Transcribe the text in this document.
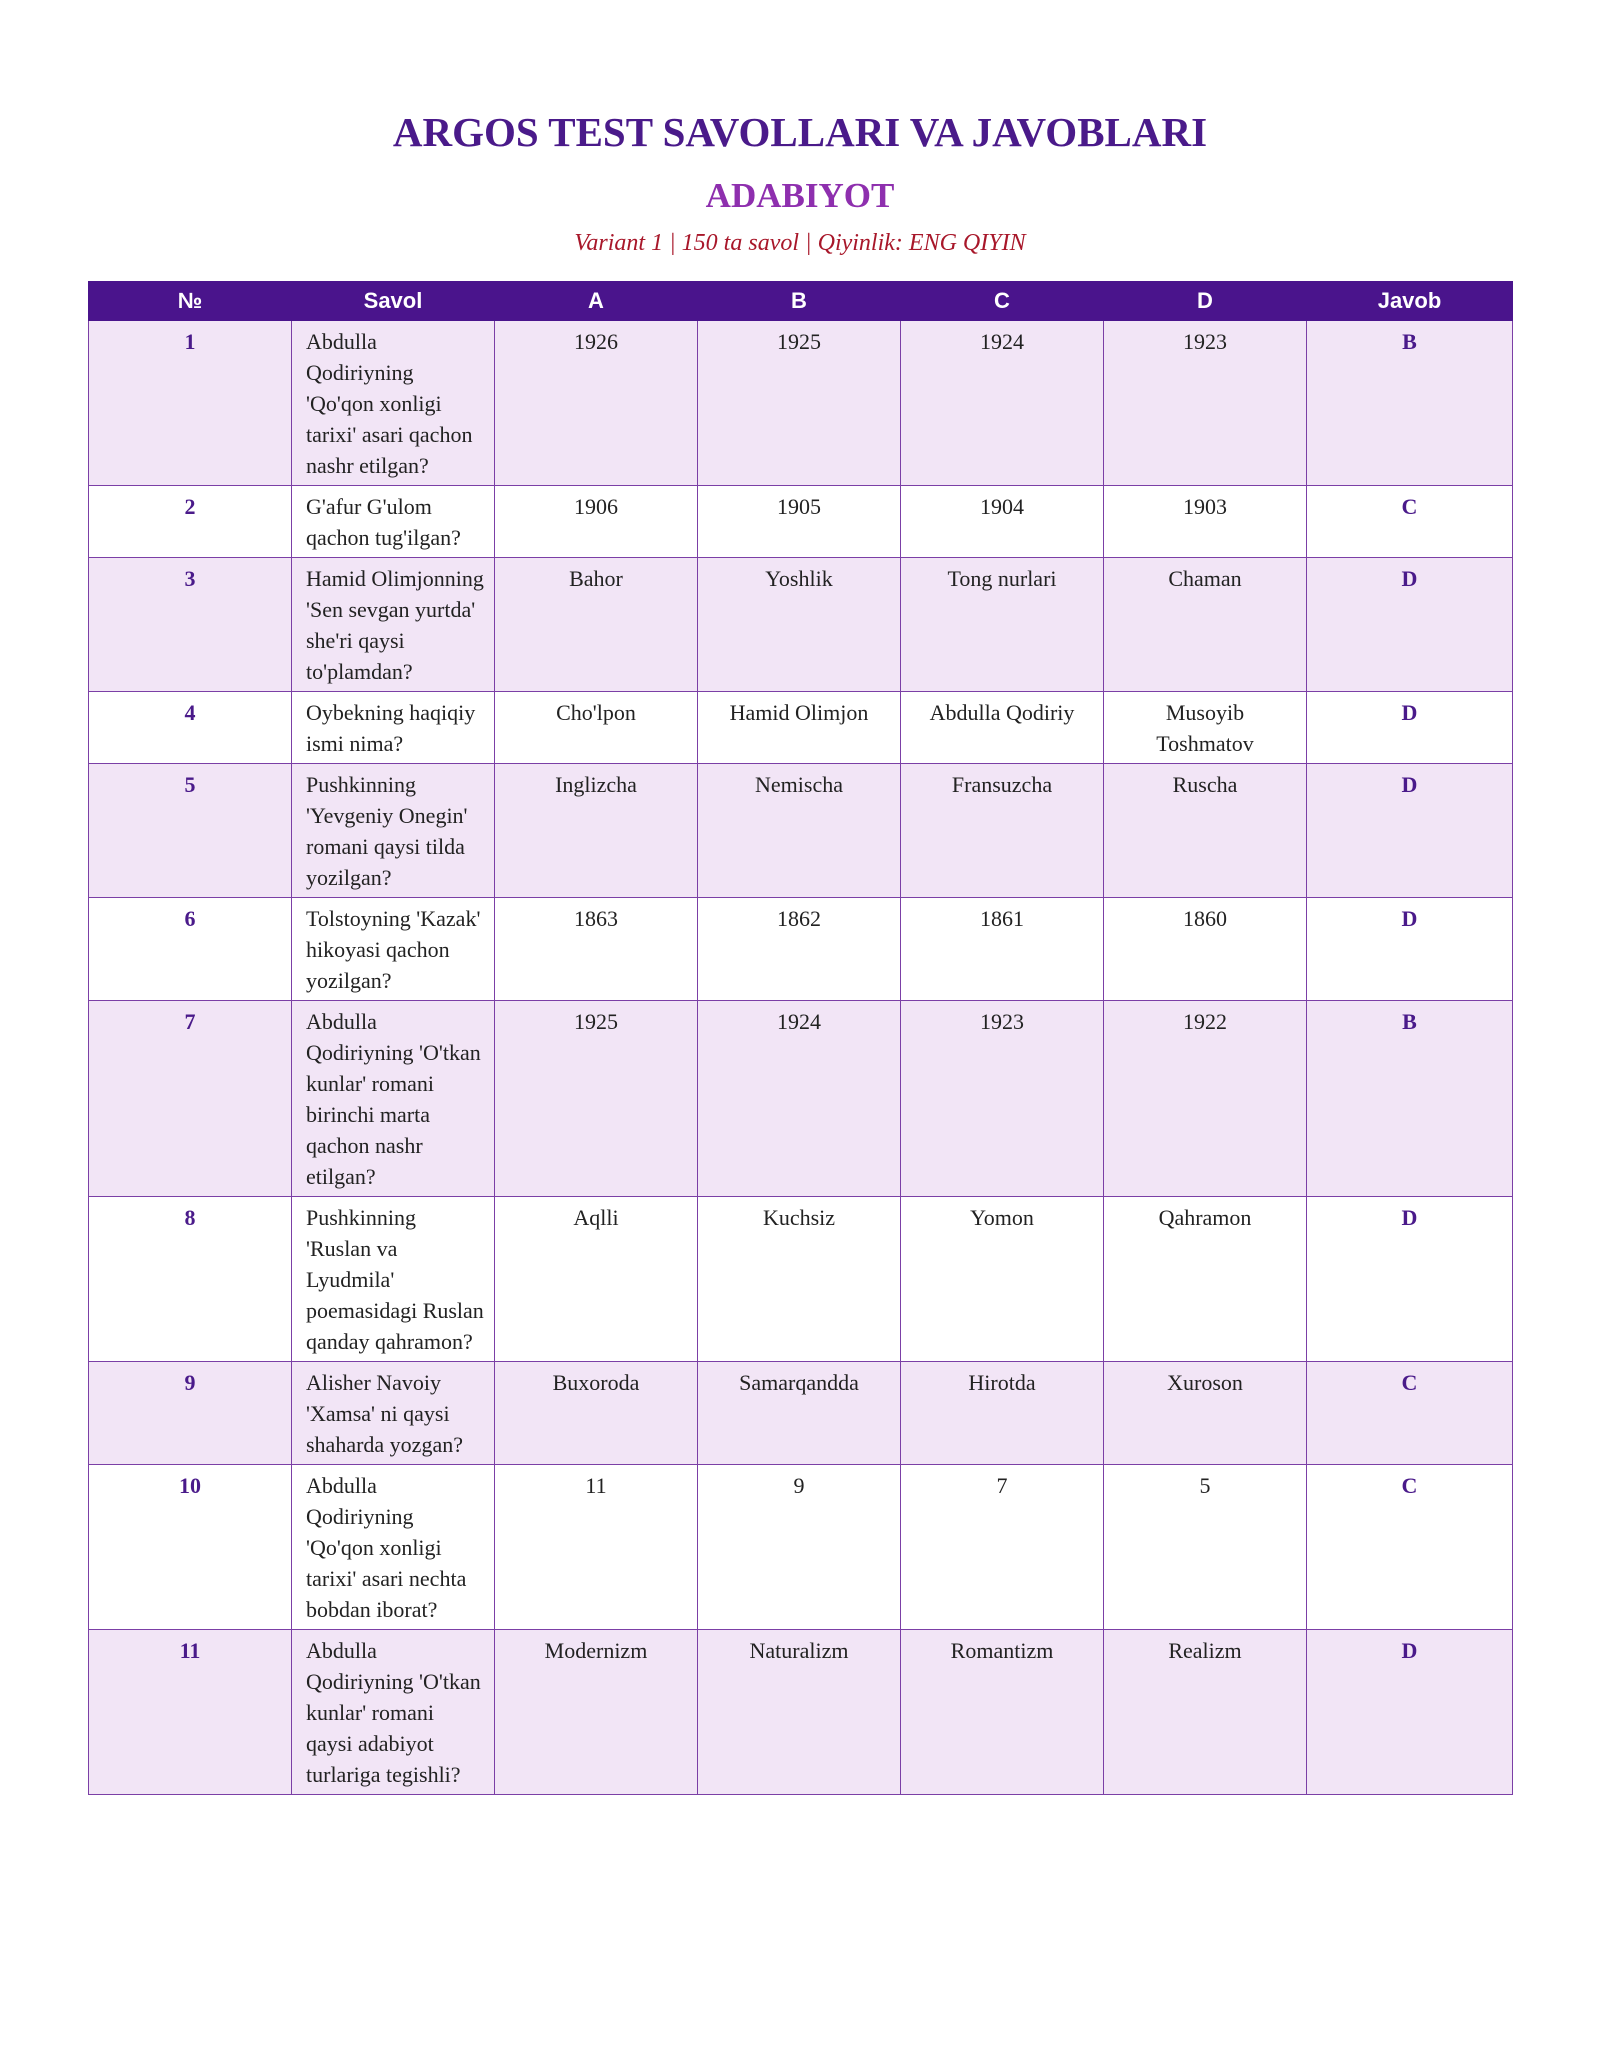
ARGOS TEST SAVOLLARI VA JAVOBLARI
ADABIYOT

Variant 1 | 150 ta savol | Qiyinlik: ENG QIYIN

№	Savol	A	B	C	D	Javob
1	Abdulla Qodiriyning 'Qo'qon xonligi tarixi' asari qachon nashr etilgan?	1926	1925	1924	1923	B
2	G'afur G'ulom qachon tug'ilgan?	1906	1905	1904	1903	C
3	Hamid Olimjonning 'Sen sevgan yurtda' she'ri qaysi to'plamdan?	Bahor	Yoshlik	Tong nurlari	Chaman	D
4	Oybekning haqiqiy ismi nima?	Cho'lpon	Hamid Olimjon	Abdulla Qodiriy	Musoyib Toshmatov	D
5	Pushkinning 'Yevgeniy Onegin' romani qaysi tilda yozilgan?	Inglizcha	Nemischa	Fransuzcha	Ruscha	D
6	Tolstoyning 'Kazak' hikoyasi qachon yozilgan?	1863	1862	1861	1860	D
7	Abdulla Qodiriyning 'O'tkan kunlar' romani birinchi marta qachon nashr etilgan?	1925	1924	1923	1922	B
8	Pushkinning 'Ruslan va Lyudmila' poemasidagi Ruslan qanday qahramon?	Aqlli	Kuchsiz	Yomon	Qahramon	D
9	Alisher Navoiy 'Xamsa' ni qaysi shaharda yozgan?	Buxoroda	Samarqandda	Hirotda	Xuroson	C
10	Abdulla Qodiriyning 'Qo'qon xonligi tarixi' asari nechta bobdan iborat?	11	9	7	5	C
11	Abdulla Qodiriyning 'O'tkan kunlar' romani qaysi adabiyot turlariga tegishli?	Modernizm	Naturalizm	Romantizm	Realizm	D
